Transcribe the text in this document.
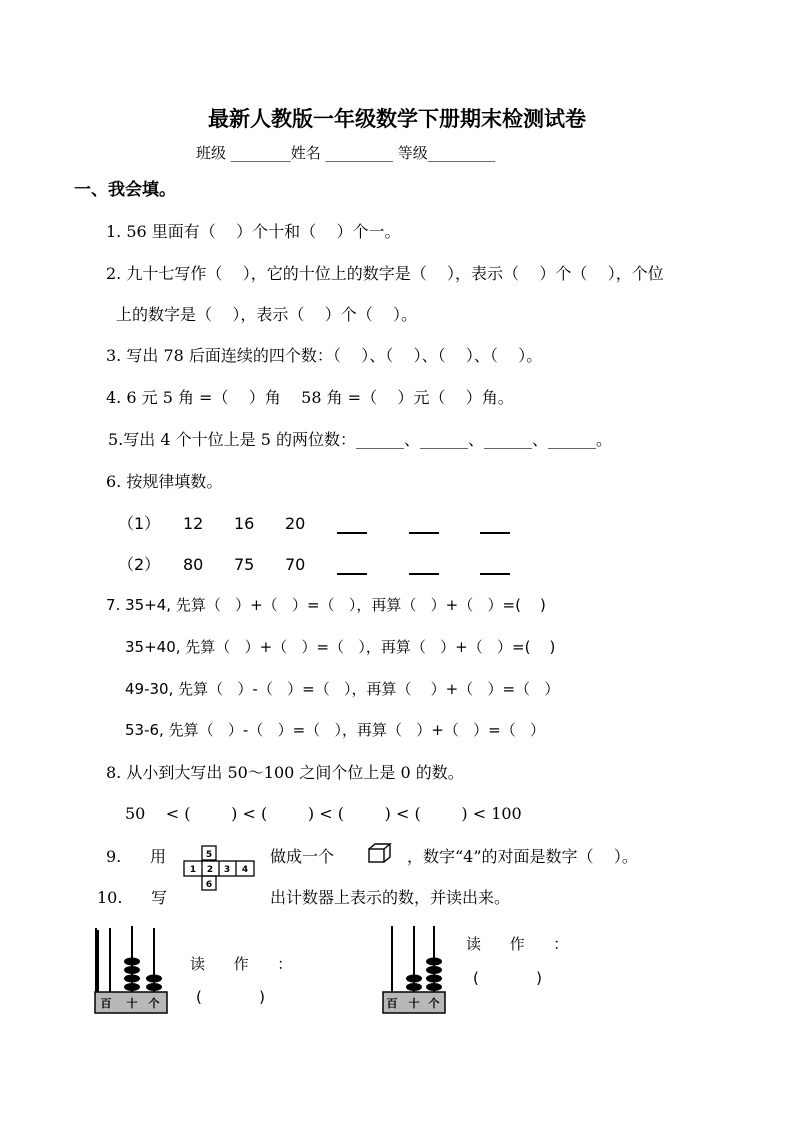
最新人教版一年级数学下册期末检测试卷
班级 ________姓名 _________ 等级_________
一、我会填。
1. 56 里面有（    ）个十和（    ）个一。
2. 九十七写作（    ），它的十位上的数字是（    ），表示（    ）个（    ），个位
上的数字是（    ），表示（    ）个（    ）。
3. 写出 78 后面连续的四个数：（    ）、（    ）、（    ）、（    ）。
4. 6 元 5 角 =（    ）角    58 角 =（    ）元（    ）角。
5.写出 4 个十位上是 5 的两位数：______、______、______、______。
6. 按规律填数。
（1） 12 16 20
（2） 80 75 70
7. 35+4, 先算（   ）+（   ）=（   ），再算（   ）+（   ）=(    )
35+40, 先算（   ）+（   ）=（   ），再算（   ）+（   ）=(    )
49-30, 先算（   ）-（   ）=（   ），再算（    ）+（   ）=（   ）
53-6, 先算（   ）-（   ）=（   ），再算（   ）+（   ）=（   ）
8. 从小到大写出 50～100 之间个位上是 0 的数。
50    < (        ) < (        ) < (        ) < (        ) < 100
9. 用	5
1 2 3 4
6
做成一个	，数字“4”的对面是数字（    ）。
10. 写	出计数器上表示的数，并读出来。
百 十 个
读      作      ：
(            )	百 十 个
读      作      ：
(            )
